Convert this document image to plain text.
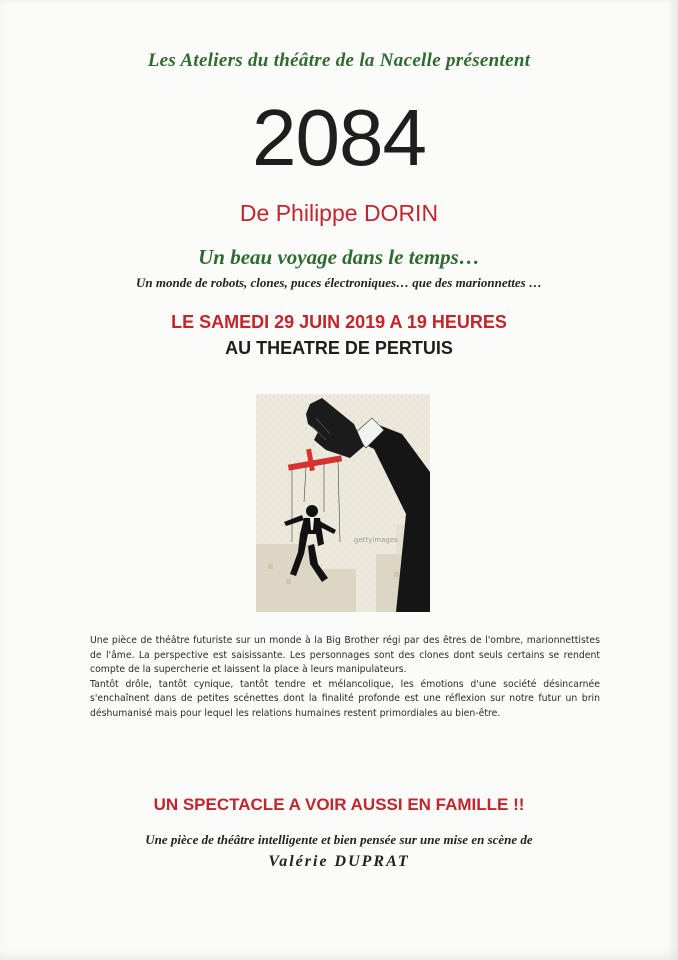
Les Ateliers du théâtre de la Nacelle présentent
2084
De Philippe DORIN
Un beau voyage dans le temps…
Un monde de robots, clones, puces électroniques… que des marionnettes …
LE SAMEDI 29 JUIN 2019 A 19 HEURES
AU THEATRE DE PERTUIS
gettyimages

Une pièce de théâtre futuriste sur un monde à la Big Brother régi par des êtres de l'ombre, marionnettistes de l'âme. La perspective est saisissante. Les personnages sont des clones dont seuls certains se rendent compte de la supercherie et laissent la place à leurs manipulateurs.

Tantôt drôle, tantôt cynique, tantôt tendre et mélancolique, les émotions d'une société désincarnée s'enchaînent dans de petites scénettes dont la finalité profonde est une réflexion sur notre futur un brin déshumanisé mais pour lequel les relations humaines restent primordiales au bien-être.

UN SPECTACLE A VOIR AUSSI EN FAMILLE !!
Une pièce de théâtre intelligente et bien pensée sur une mise en scène de
Valérie DUPRAT
